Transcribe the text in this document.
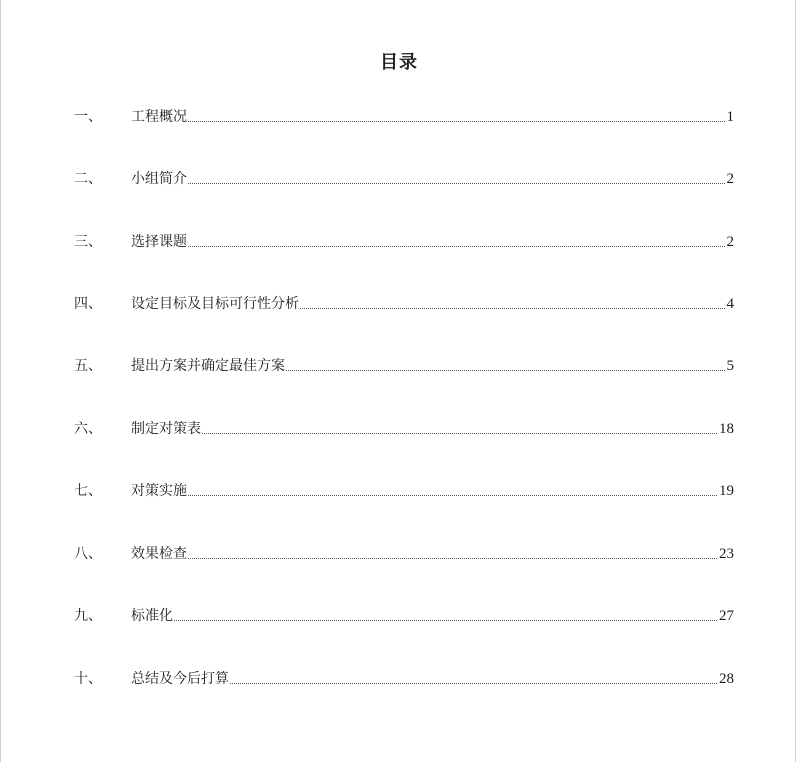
目录
一、	工程概况	1
二、	小组简介	2
三、	选择课题	2
四、	设定目标及目标可行性分析	4
五、	提出方案并确定最佳方案	5
六、	制定对策表	18
七、	对策实施	19
八、	效果检查	23
九、	标准化	27
十、	总结及今后打算	28
